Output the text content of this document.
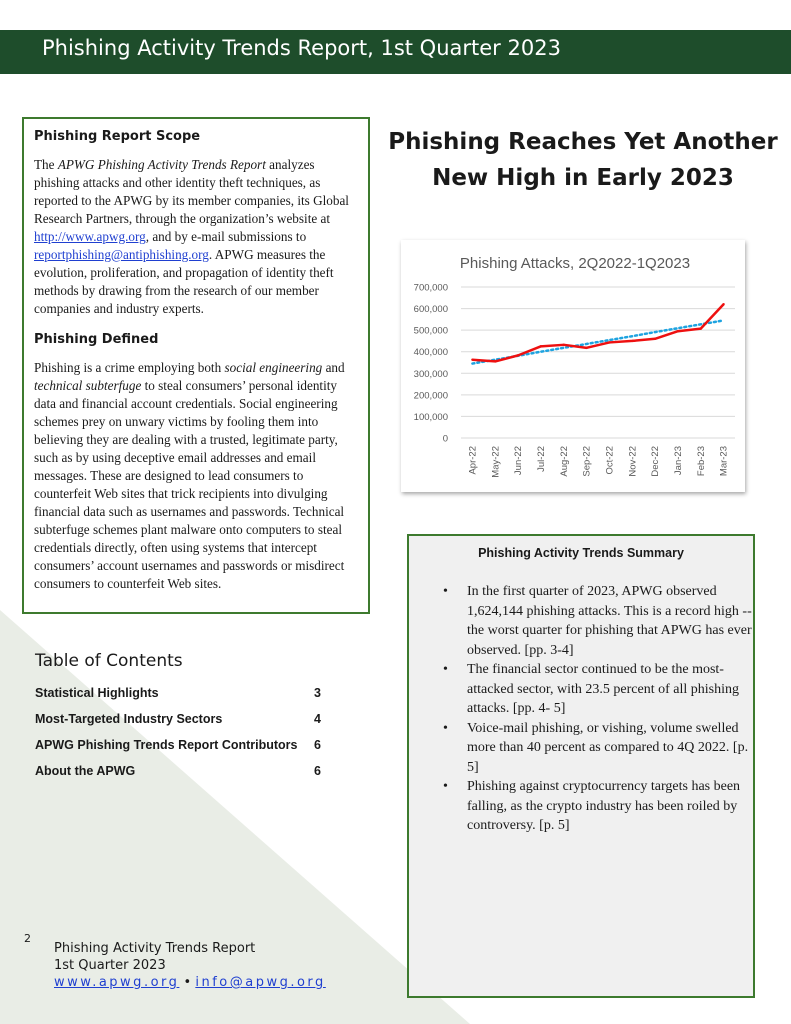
Phishing Activity Trends Report, 1st Quarter 2023
Phishing Report Scope

The APWG Phishing Activity Trends Report analyzes phishing attacks and other identity theft techniques, as reported to the APWG by its member companies, its Global Research Partners, through the organization’s website at http://www.apwg.org, and by e-mail submissions to reportphishing@antiphishing.org. APWG measures the evolution, proliferation, and propagation of identity theft methods by drawing from the research of our member companies and industry experts.

Phishing Defined

Phishing is a crime employing both social engineering and technical subterfuge to steal consumers’ personal identity data and financial account credentials. Social engineering schemes prey on unwary victims by fooling them into believing they are dealing with a trusted, legitimate party, such as by using deceptive email addresses and email messages. These are designed to lead consumers to counterfeit Web sites that trick recipients into divulging financial data such as usernames and passwords. Technical subterfuge schemes plant malware onto computers to steal credentials directly, often using systems that intercept consumers’ account usernames and passwords or misdirect consumers to counterfeit Web sites.

Phishing Reaches Yet Another
New High in Early 2023
Phishing Attacks, 2Q2022-1Q2023
0
100,000
200,000
300,000
400,000
500,000
600,000
700,000
Apr-22 May-22 Jun-22 Jul-22 Aug-22 Sep-22 Oct-22 Nov-22 Dec-22 Jan-23 Feb-23 Mar-23
Table of Contents
Statistical Highlights	3
Most-Targeted Industry Sectors	4
APWG Phishing Trends Report Contributors 6
About the APWG	6
Phishing Activity Trends Summary
• In the first quarter of 2023, APWG observed 1,624,144 phishing attacks. This is a record high -- the worst quarter for phishing that APWG has ever observed. [pp. 3-4]
• The financial sector continued to be the most-attacked sector, with 23.5 percent of all phishing attacks. [pp. 4- 5]
• Voice-mail phishing, or vishing, volume swelled more than 40 percent as compared to 4Q 2022. [p. 5]
• Phishing against cryptocurrency targets has been falling, as the crypto industry has been roiled by controversy. [p. 5]
2
Phishing Activity Trends Report
1st Quarter 2023
www.apwg.org • info@apwg.org
